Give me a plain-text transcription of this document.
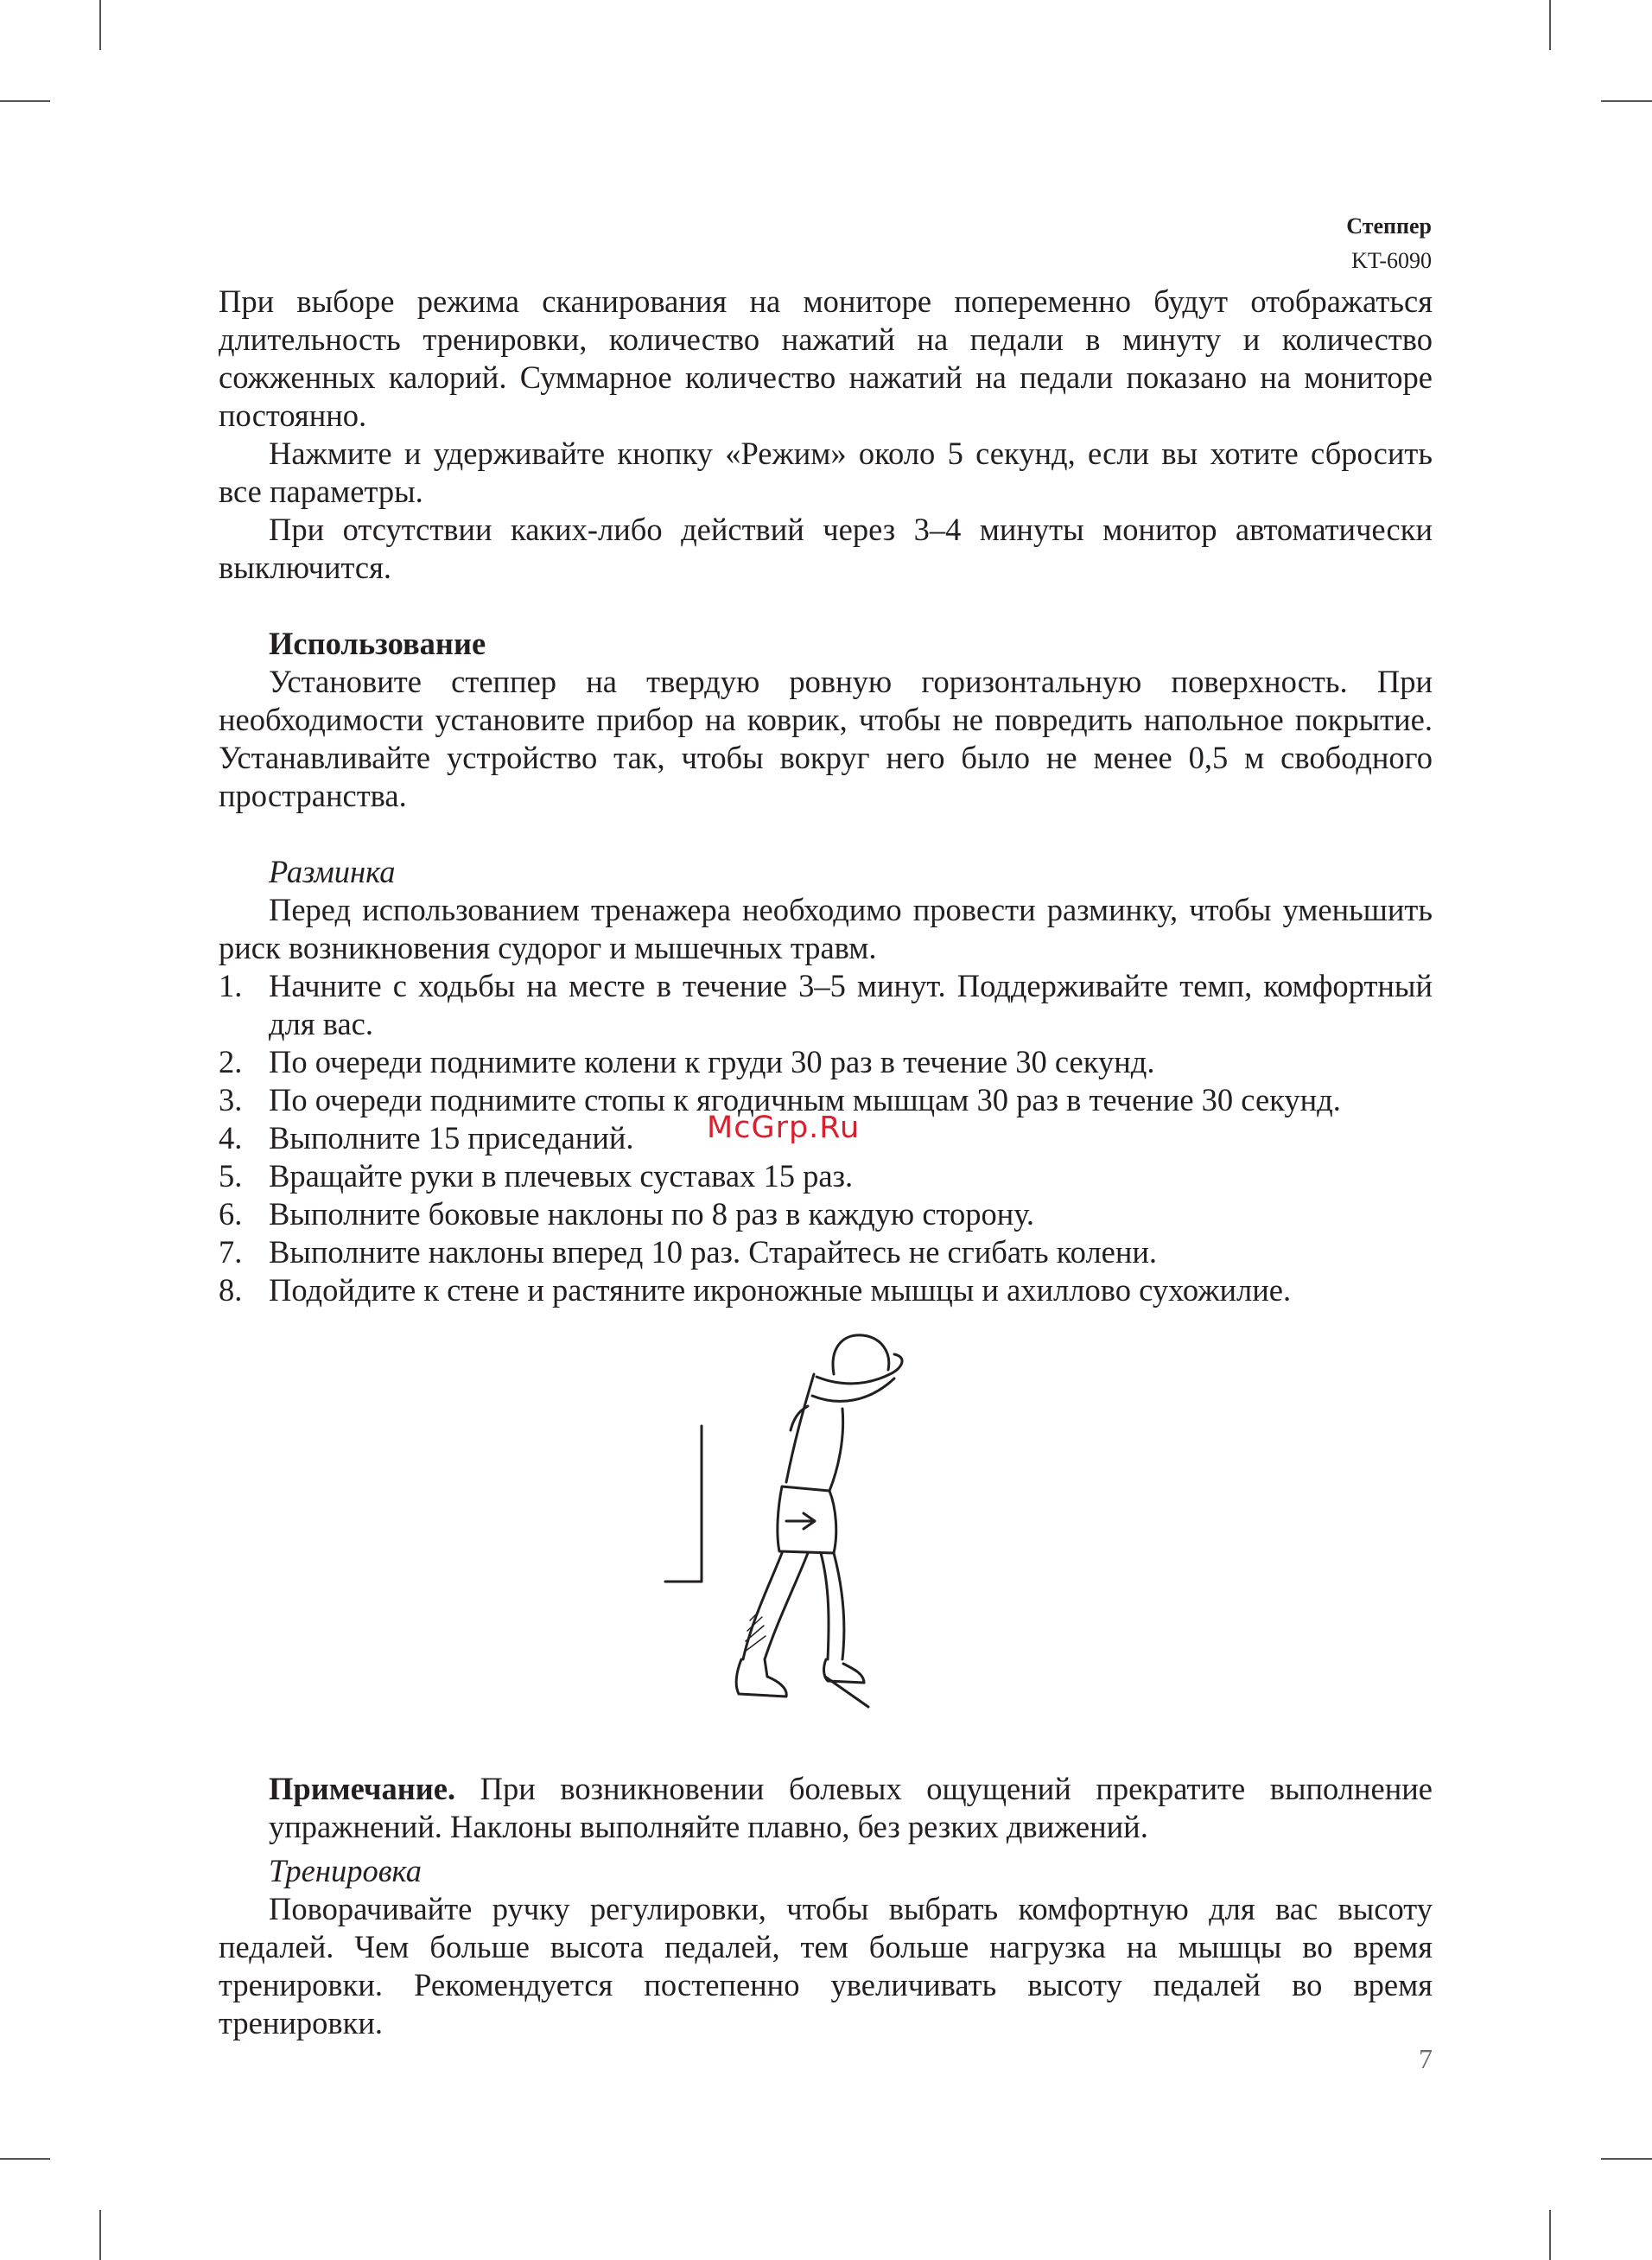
Степпер
KT-6090

При выборе режима сканирования на мониторе попеременно будут отображаться длительность тренировки, количество нажатий на педали в минуту и количество сожженных калорий. Суммарное количество нажатий на педали показано на мониторе постоянно.

Нажмите и удерживайте кнопку «Режим» около 5 секунд, если вы хотите сбросить все параметры.

При отсутствии каких-либо действий через 3–4 минуты монитор автоматически выключится.

Использование

Установите степпер на твердую ровную горизонтальную поверхность. При необходимости установите прибор на коврик, чтобы не повредить напольное покрытие. Устанавливайте устройство так, чтобы вокруг него было не менее 0,5 м свободного пространства.

Разминка

Перед использованием тренажера необходимо провести разминку, чтобы уменьшить риск возникновения судорог и мышечных травм.

1. Начните с ходьбы на месте в течение 3–5 минут. Поддерживайте темп, комфортный для вас.
2. По очереди поднимите колени к груди 30 раз в течение 30 секунд.
3. По очереди поднимите стопы к ягодичным мышцам 30 раз в течение 30 секунд.
4. Выполните 15 приседаний.
5. Вращайте руки в плечевых суставах 15 раз.
6. Выполните боковые наклоны по 8 раз в каждую сторону.
7. Выполните наклоны вперед 10 раз. Старайтесь не сгибать колени.
8. Подойдите к стене и растяните икроножные мышцы и ахиллово сухожилие.
McGrp.Ru

Примечание. При возникновении болевых ощущений прекратите выполнение упражнений. Наклоны выполняйте плавно, без резких движений.

Тренировка

Поворачивайте ручку регулировки, чтобы выбрать комфортную для вас высоту педалей. Чем больше высота педалей, тем больше нагрузка на мышцы во время тренировки. Рекомендуется постепенно увеличивать высоту педалей во время тренировки.

7
